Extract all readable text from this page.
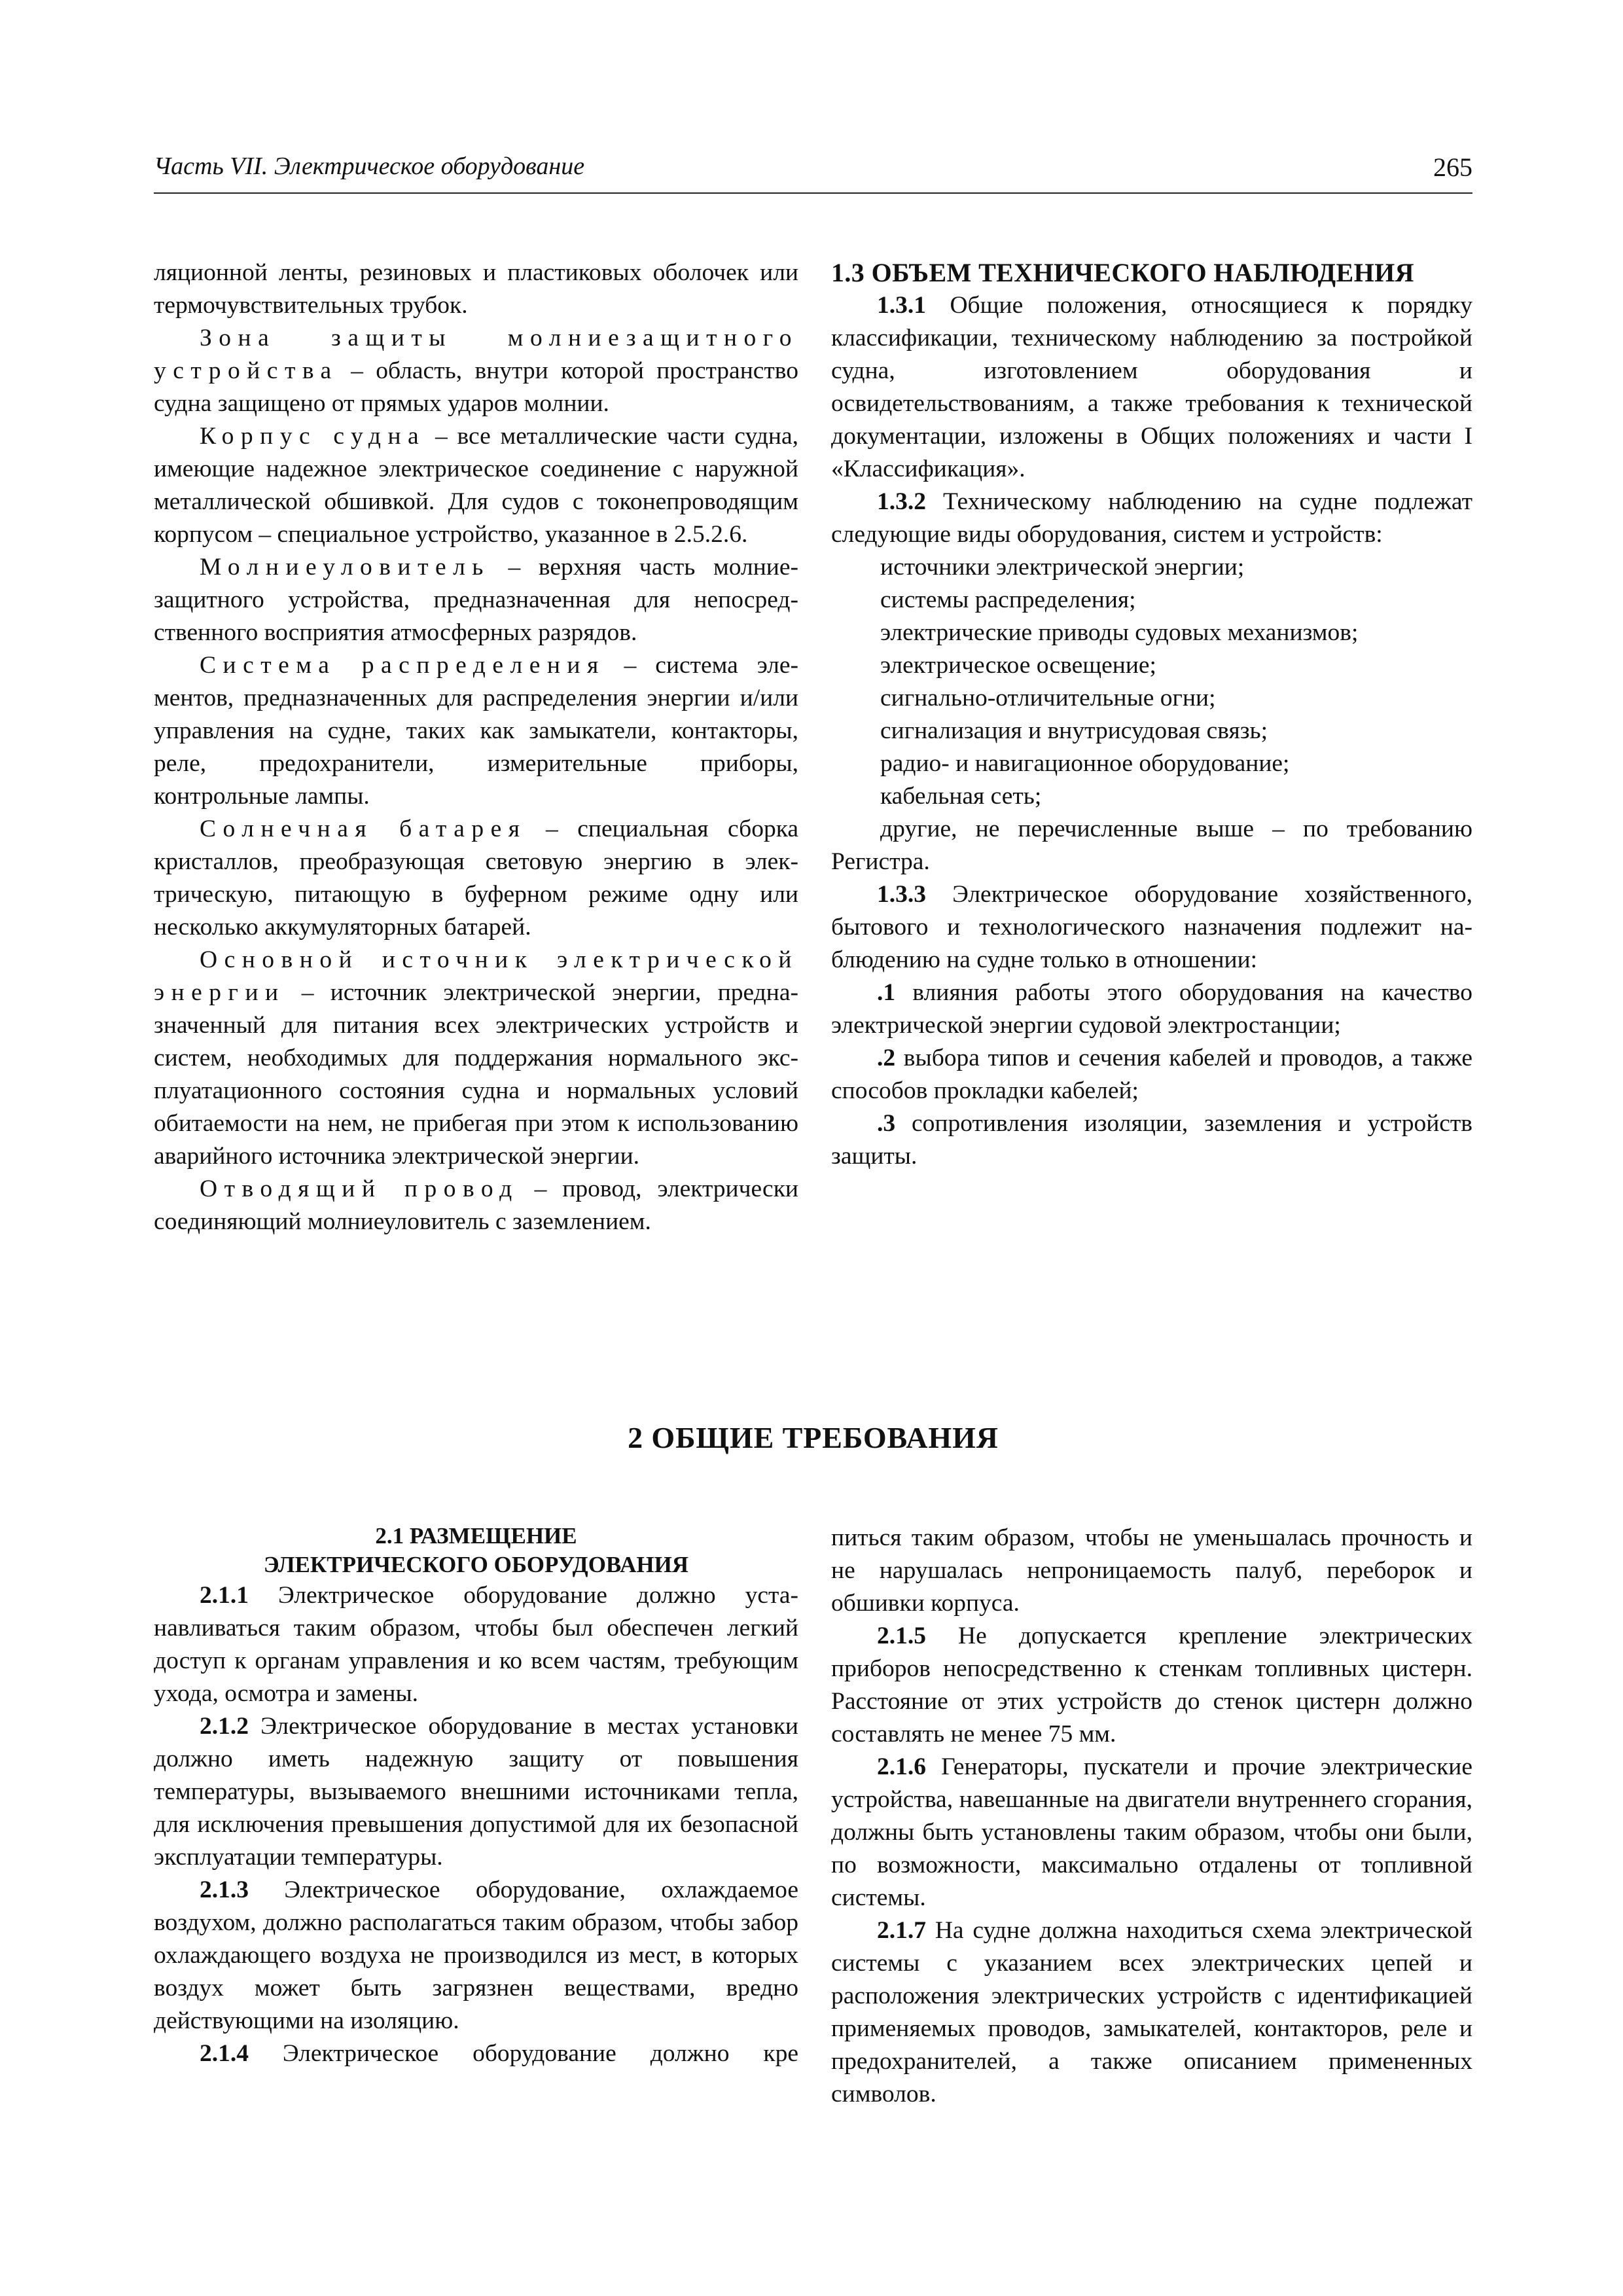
Часть VII. Электрическое оборудование	265

ляционной ленты, резиновых и пластиковых оболочек или термочувствительных трубок.

Зона защиты молниезащитного устройства – область, внутри которой пространство судна защищено от прямых ударов молнии.

Корпус судна – все металлические части судна, имеющие надежное электрическое соединение с наружной металлической обшивкой. Для судов с токонепроводящим корпусом – специальное устройство, указанное в 2.5.2.6.

Молниеуловитель – верхняя часть молниезащитного устройства, предназначенная для непосредственного восприятия атмосферных разрядов.

Система распределения – система элементов, предназначенных для распределения энергии и/или управления на судне, таких как замыкатели, контакторы, реле, предохранители, измерительные приборы, контрольные лампы.

Солнечная батарея – специальная сборка кристаллов, преобразующая световую энергию в электрическую, питающую в буферном режиме одну или несколько аккумуляторных батарей.

Основной источник электрической энергии – источник электрической энергии, предназначенный для питания всех электрических устройств и систем, необходимых для поддержания нормального эксплуатационного состояния судна и нормальных условий обитаемости на нем, не прибегая при этом к использованию аварийного источника электрической энергии.

Отводящий провод – провод, электрически соединяющий молниеуловитель с заземлением.

1.3 ОБЪЕМ ТЕХНИЧЕСКОГО НАБЛЮДЕНИЯ

1.3.1 Общие положения, относящиеся к порядку классификации, техническому наблюдению за постройкой судна, изготовлением оборудования и освидетельствованиям, а также требования к технической документации, изложены в Общих положениях и части I «Классификация».

1.3.2 Техническому наблюдению на судне подлежат следующие виды оборудования, систем и устройств:

источники электрической энергии;

системы распределения;

электрические приводы судовых механизмов;

электрическое освещение;

сигнально-отличительные огни;

сигнализация и внутрисудовая связь;

радио- и навигационное оборудование;

кабельная сеть;

другие, не перечисленные выше – по требованию Регистра.

1.3.3 Электрическое оборудование хозяйственного, бытового и технологического назначения подлежит наблюдению на судне только в отношении:

.1 влияния работы этого оборудования на качество электрической энергии судовой электростанции;

.2 выбора типов и сечения кабелей и проводов, а также способов прокладки кабелей;

.3 сопротивления изоляции, заземления и устройств защиты.

2 ОБЩИЕ ТРЕБОВАНИЯ

2.1 РАЗМЕЩЕНИЕ
ЭЛЕКТРИЧЕСКОГО ОБОРУДОВАНИЯ

2.1.1 Электрическое оборудование должно устанавливаться таким образом, чтобы был обеспечен легкий доступ к органам управления и ко всем частям, требующим ухода, осмотра и замены.

2.1.2 Электрическое оборудование в местах установки должно иметь надежную защиту от повышения температуры, вызываемого внешними источниками тепла, для исключения превышения допустимой для их безопасной эксплуатации температуры.

2.1.3 Электрическое оборудование, охлаждаемое воздухом, должно располагаться таким образом, чтобы забор охлаждающего воздуха не производился из мест, в которых воздух может быть загрязнен веществами, вредно действующими на изоляцию.

2.1.4 Электрическое оборудование должно кре

питься таким образом, чтобы не уменьшалась прочность и не нарушалась непроницаемость палуб, переборок и обшивки корпуса.

2.1.5 Не допускается крепление электрических приборов непосредственно к стенкам топливных цистерн. Расстояние от этих устройств до стенок цистерн должно составлять не менее 75 мм.

2.1.6 Генераторы, пускатели и прочие электрические устройства, навешанные на двигатели внутреннего сгорания, должны быть установлены таким образом, чтобы они были, по возможности, максимально отдалены от топливной системы.

2.1.7 На судне должна находиться схема электрической системы с указанием всех электрических цепей и расположения электрических устройств с идентификацией применяемых проводов, замыкателей, контакторов, реле и предохранителей, а также описанием примененных символов.
